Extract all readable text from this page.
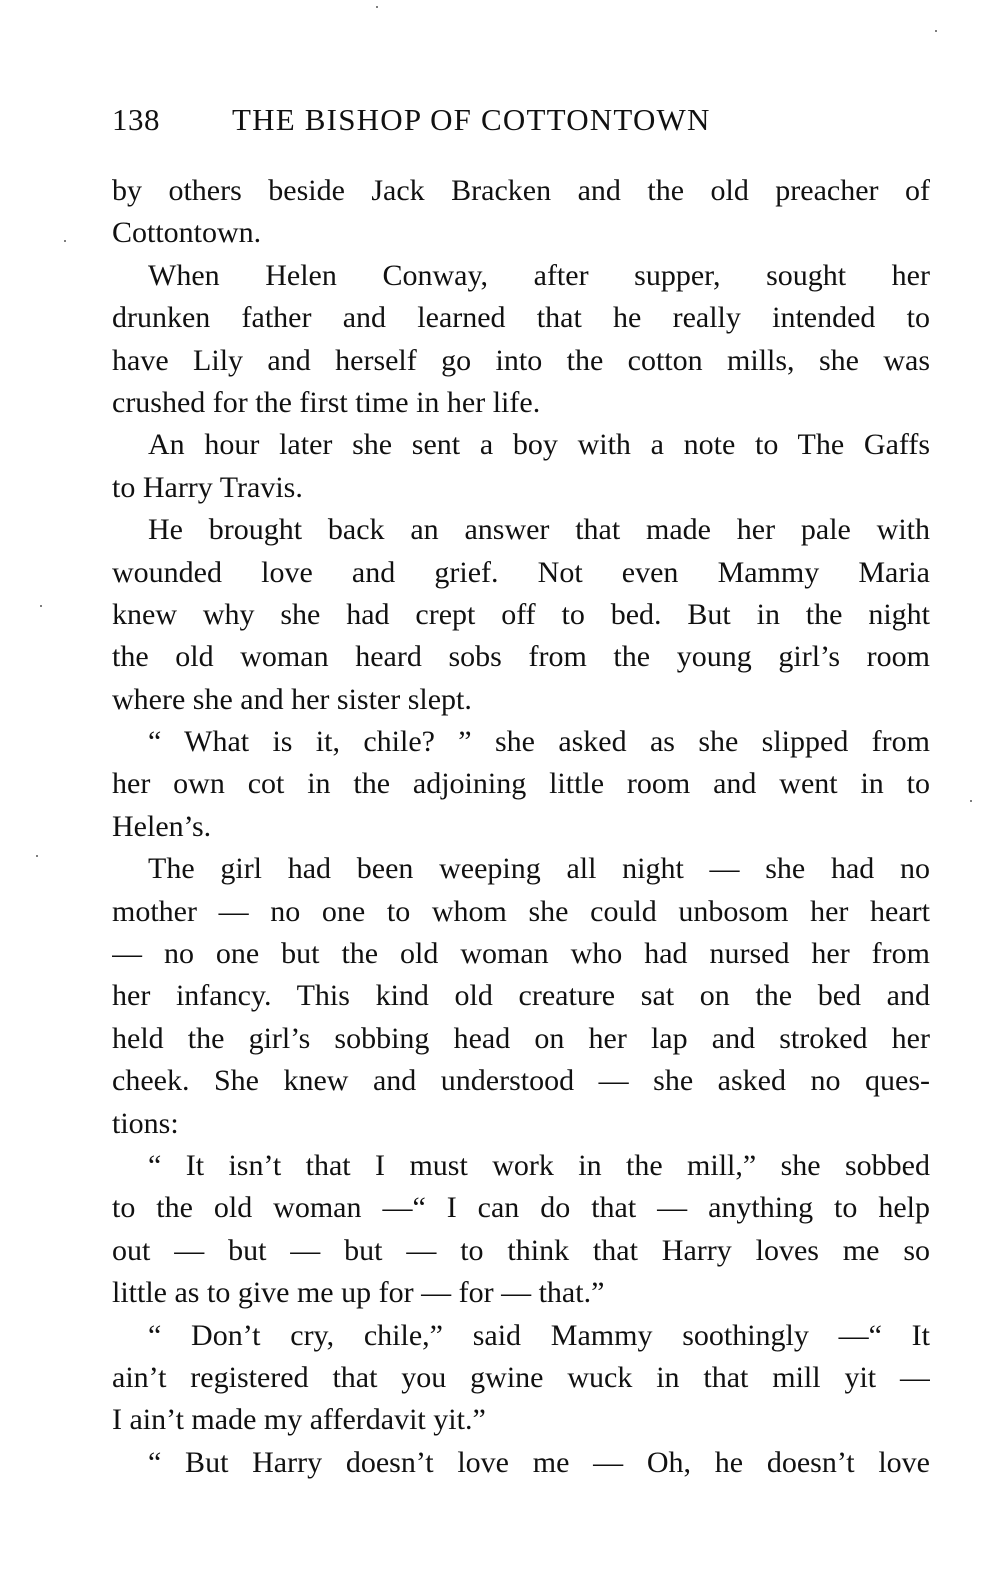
138 THE BISHOP OF COTTONTOWN
by others beside Jack Bracken and the old preacher of
Cottontown.
When Helen Conway, after supper, sought her
drunken father and learned that he really intended to
have Lily and herself go into the cotton mills, she was
crushed for the first time in her life.
An hour later she sent a boy with a note to The Gaffs
to Harry Travis.
He brought back an answer that made her pale with
wounded love and grief. Not even Mammy Maria
knew why she had crept off to bed. But in the night
the old woman heard sobs from the young girl’s room
where she and her sister slept.
“ What is it, chile? ” she asked as she slipped from
her own cot in the adjoining little room and went in to
Helen’s.
The girl had been weeping all night — she had no
mother — no one to whom she could unbosom her heart
— no one but the old woman who had nursed her from
her infancy. This kind old creature sat on the bed and
held the girl’s sobbing head on her lap and stroked her
cheek. She knew and understood — she asked no ques-
tions:
“ It isn’t that I must work in the mill,” she sobbed
to the old woman —“ I can do that — anything to help
out — but — but — to think that Harry loves me so
little as to give me up for — for — that.”
“ Don’t cry, chile,” said Mammy soothingly —“ It
ain’t registered that you gwine wuck in that mill yit —
I ain’t made my afferdavit yit.”
“ But Harry doesn’t love me — Oh, he doesn’t love
